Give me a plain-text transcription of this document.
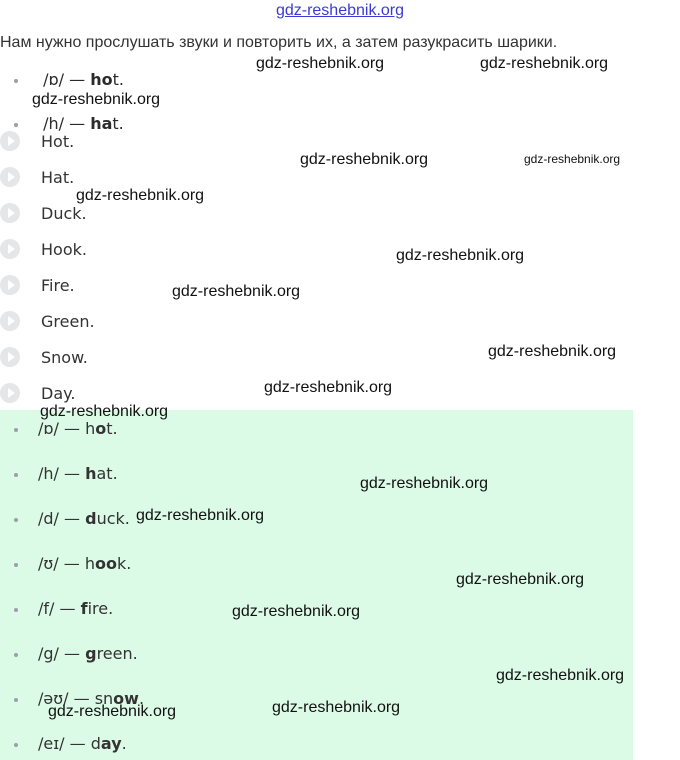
gdz-reshebnik.org
Нам нужно прослушать звуки и повторить их, а затем разукрасить шарики.
/ɒ/ — hot.
/h/ — hat.
Hot.
Hat.
Duck.
Hook.
Fire.
Green.
Snow.
Day.
/ɒ/ — hot.
/h/ — hat.
/d/ — duck.
/ʊ/ — hook.
/f/ — fire.
/g/ — green.
/əʊ/ — snow.
/eɪ/ — day.
gdz-reshebnik.org	gdz-reshebnik.org
gdz-reshebnik.org
gdz-reshebnik.org	gdz-reshebnik.org
gdz-reshebnik.org
gdz-reshebnik.org
gdz-reshebnik.org
gdz-reshebnik.org
gdz-reshebnik.org
gdz-reshebnik.org
gdz-reshebnik.org
gdz-reshebnik.org
gdz-reshebnik.org
gdz-reshebnik.org
gdz-reshebnik.org
gdz-reshebnik.org
gdz-reshebnik.org
